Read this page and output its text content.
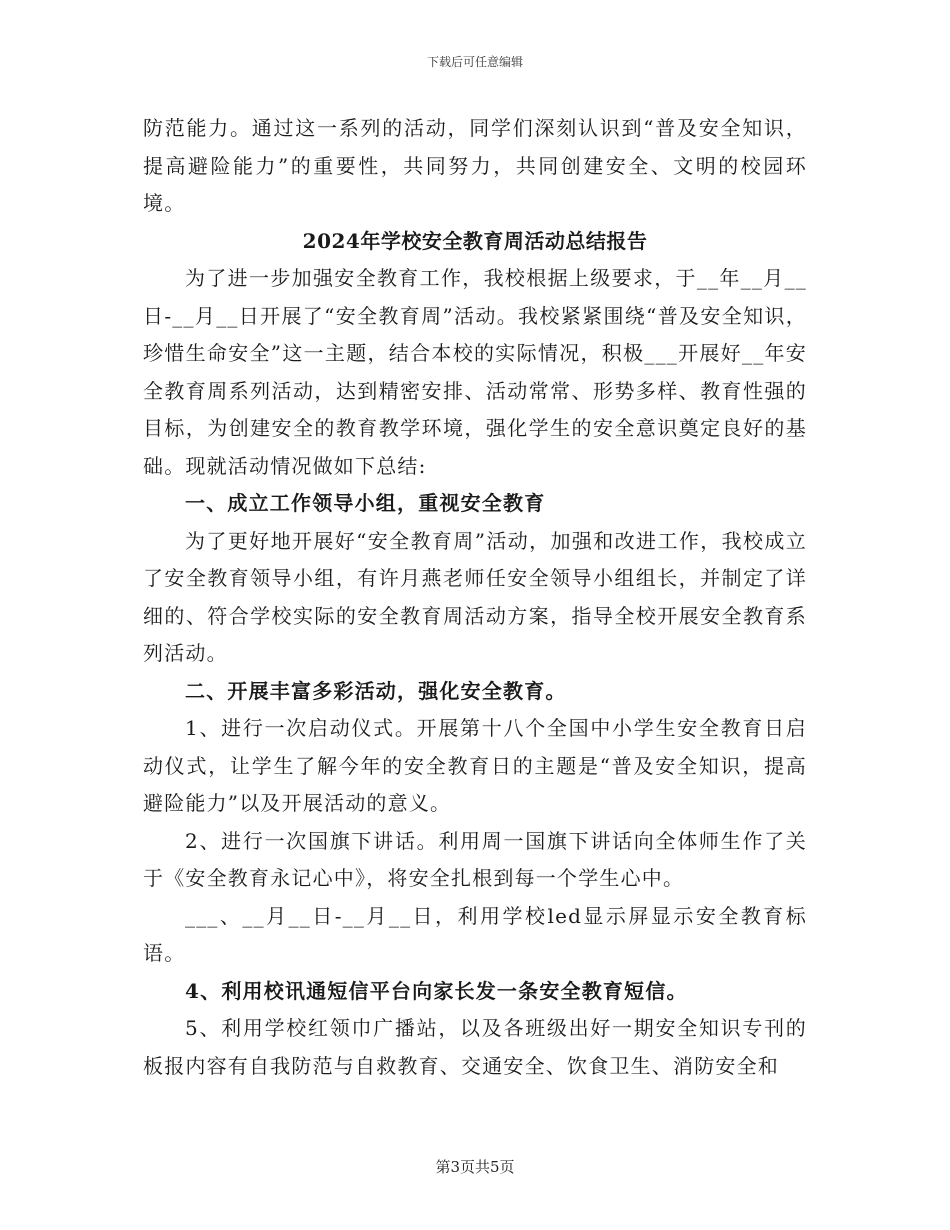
下载后可任意编辑

防范能力。通过这一系列的活动，同学们深刻认识到“普及安全知识，提高避险能力”的重要性，共同努力，共同创建安全、文明的校园环境。

2024年学校安全教育周活动总结报告

为了进一步加强安全教育工作，我校根据上级要求，于__年__月__日-__月__日开展了“安全教育周”活动。我校紧紧围绕“普及安全知识，珍惜生命安全”这一主题，结合本校的实际情况，积极___开展好__年安全教育周系列活动，达到精密安排、活动常常、形势多样、教育性强的目标，为创建安全的教育教学环境，强化学生的安全意识奠定良好的基础。现就活动情况做如下总结:

一、成立工作领导小组，重视安全教育

为了更好地开展好“安全教育周”活动，加强和改进工作，我校成立了安全教育领导小组，有许月燕老师任安全领导小组组长，并制定了详细的、符合学校实际的安全教育周活动方案，指导全校开展安全教育系列活动。

二、开展丰富多彩活动，强化安全教育。

1、进行一次启动仪式。开展第十八个全国中小学生安全教育日启动仪式，让学生了解今年的安全教育日的主题是“普及安全知识，提高避险能力”以及开展活动的意义。

2、进行一次国旗下讲话。利用周一国旗下讲话向全体师生作了关于《安全教育永记心中》，将安全扎根到每一个学生心中。

___、__月__日-__月__日，利用学校led显示屏显示安全教育标语。

4、利用校讯通短信平台向家长发一条安全教育短信。

5、利用学校红领巾广播站，以及各班级出好一期安全知识专刊的板报内容有自我防范与自救教育、交通安全、饮食卫生、消防安全和

第3页共5页
